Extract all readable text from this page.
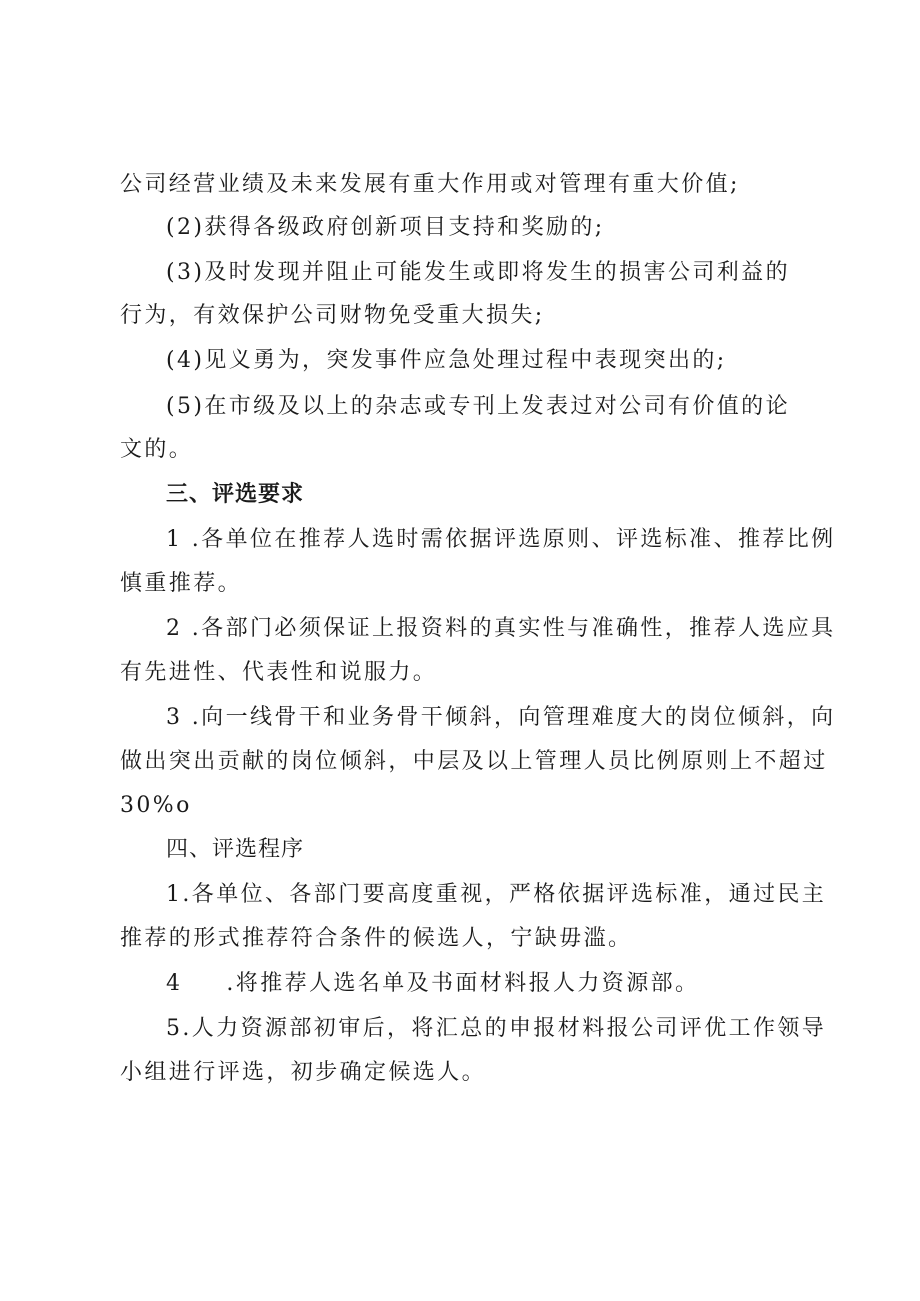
公司经营业绩及未来发展有重大作用或对管理有重大价值;
(2)获得各级政府创新项目支持和奖励的;
(3)及时发现并阻止可能发生或即将发生的损害公司利益的
行为，有效保护公司财物免受重大损失;
(4)见义勇为，突发事件应急处理过程中表现突出的;
(5)在市级及以上的杂志或专刊上发表过对公司有价值的论
文的。
三、评选要求
1 .各单位在推荐人选时需依据评选原则、评选标准、推荐比例
慎重推荐。
2 .各部门必须保证上报资料的真实性与准确性，推荐人选应具
有先进性、代表性和说服力。
3 .向一线骨干和业务骨干倾斜，向管理难度大的岗位倾斜，向
做出突出贡献的岗位倾斜，中层及以上管理人员比例原则上不超过
30%o
四、评选程序
1.各单位、各部门要高度重视，严格依据评选标准，通过民主
推荐的形式推荐符合条件的候选人，宁缺毋滥。
4 .将推荐人选名单及书面材料报人力资源部。
5.人力资源部初审后，将汇总的申报材料报公司评优工作领导
小组进行评选，初步确定候选人。
